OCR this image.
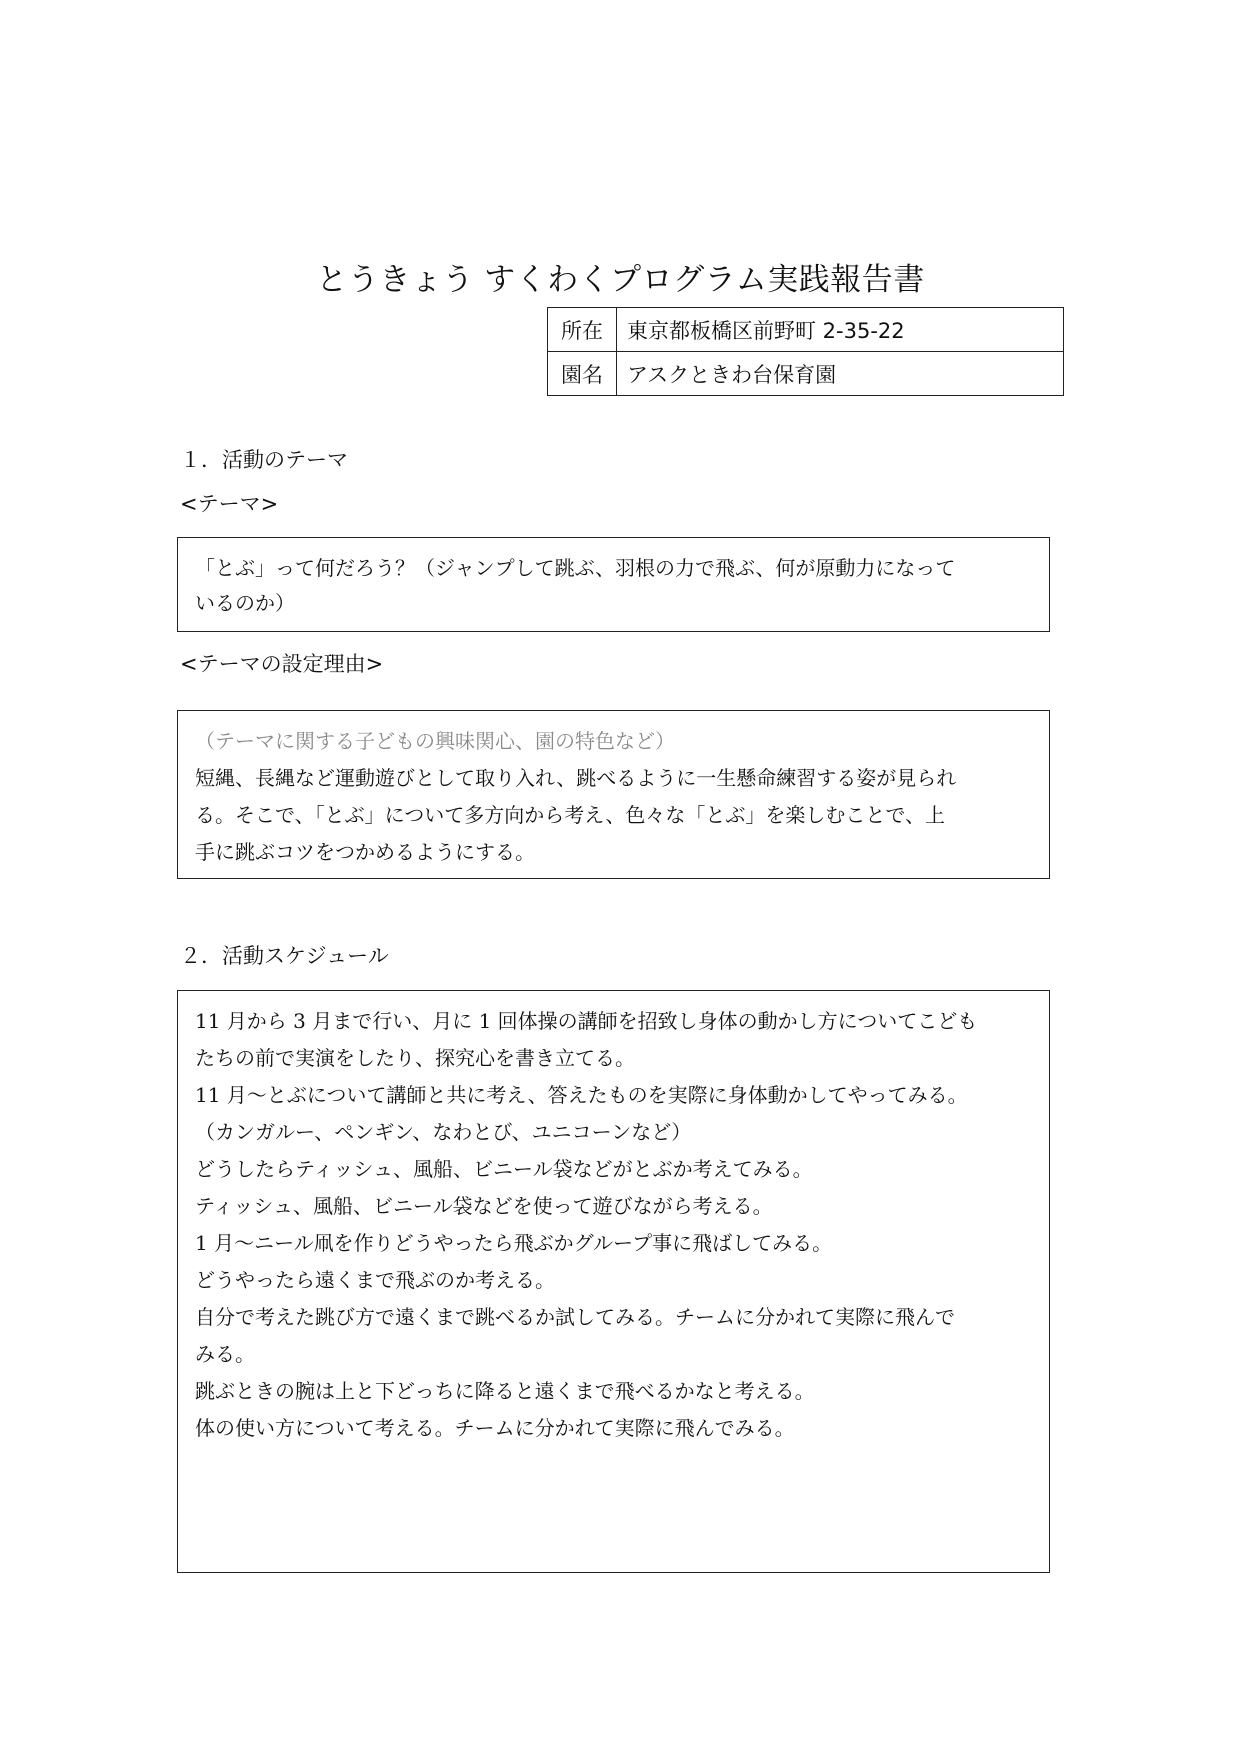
とうきょう すくわくプログラム実践報告書
所在	東京都板橋区前野町 2-35-22
園名	アスクときわ台保育園
１．活動のテーマ
<テーマ>
「とぶ」って何だろう？（ジャンプして跳ぶ、羽根の力で飛ぶ、何が原動力になって
いるのか）
<テーマの設定理由>
（テーマに関する子どもの興味関心、園の特色など）
短縄、長縄など運動遊びとして取り入れ、跳べるように一生懸命練習する姿が見られ
る。そこで、「とぶ」について多方向から考え、色々な「とぶ」を楽しむことで、上
手に跳ぶコツをつかめるようにする。
２．活動スケジュール
11 月から 3 月まで行い、月に 1 回体操の講師を招致し身体の動かし方についてこども
たちの前で実演をしたり、探究心を書き立てる。
11 月～とぶについて講師と共に考え、答えたものを実際に身体動かしてやってみる。
（カンガルー、ペンギン、なわとび、ユニコーンなど）
どうしたらティッシュ、風船、ビニール袋などがとぶか考えてみる。
ティッシュ、風船、ビニール袋などを使って遊びながら考える。
1 月～ニール凧を作りどうやったら飛ぶかグループ事に飛ばしてみる。
どうやったら遠くまで飛ぶのか考える。
自分で考えた跳び方で遠くまで跳べるか試してみる。チームに分かれて実際に飛んで
みる。
跳ぶときの腕は上と下どっちに降ると遠くまで飛べるかなと考える。
体の使い方について考える。チームに分かれて実際に飛んでみる。
